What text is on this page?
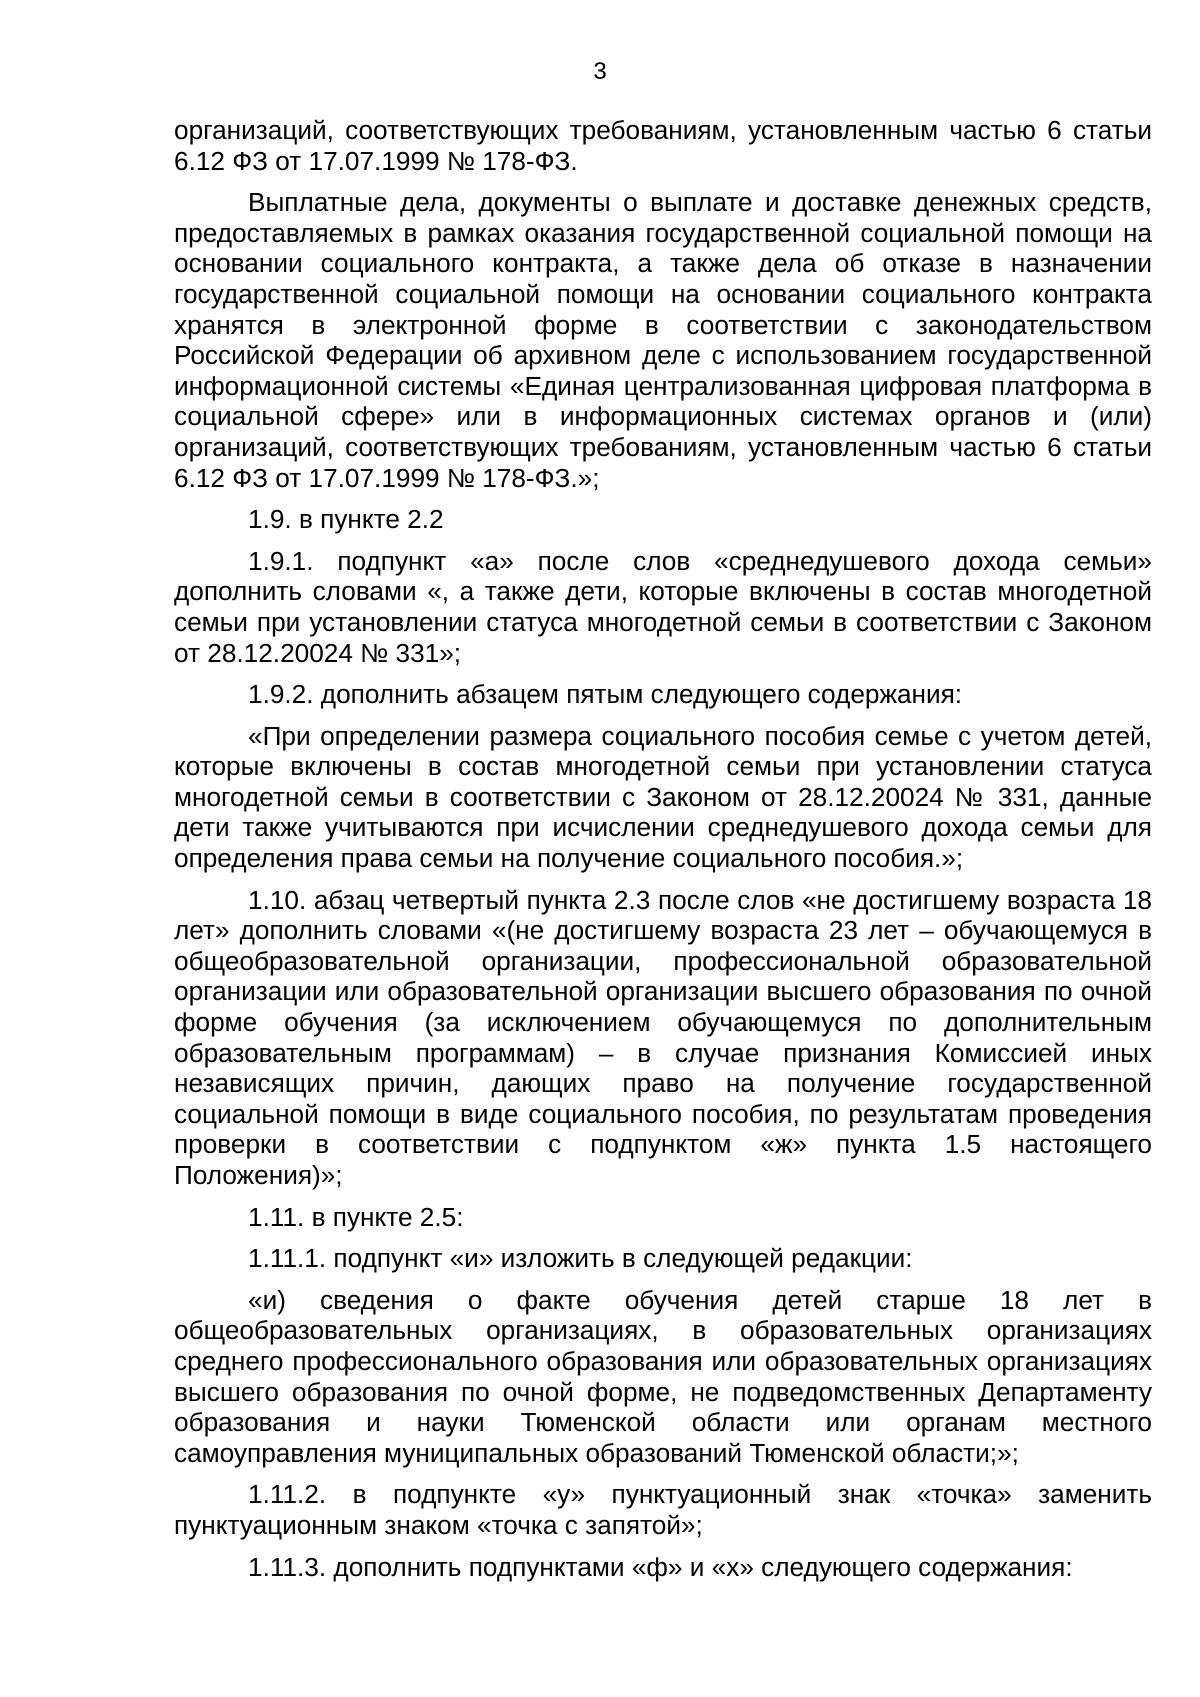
3

организаций, соответствующих требованиям, установленным частью 6 статьи 6.12 ФЗ от 17.07.1999 № 178-ФЗ.

Выплатные дела, документы о выплате и доставке денежных средств, предоставляемых в рамках оказания государственной социальной помощи на основании социального контракта, а также дела об отказе в назначении государственной социальной помощи на основании социального контракта хранятся в электронной форме в соответствии с законодательством Российской Федерации об архивном деле с использованием государственной информационной системы «Единая централизованная цифровая платформа в социальной сфере» или в информационных системах органов и (или) организаций, соответствующих требованиям, установленным частью 6 статьи 6.12 ФЗ от 17.07.1999 № 178-ФЗ.»;

1.9. в пункте 2.2

1.9.1. подпункт «а» после слов «среднедушевого дохода семьи» дополнить словами «, а также дети, которые включены в состав многодетной семьи при установлении статуса многодетной семьи в соответствии с Законом от 28.12.20024 № 331»;

1.9.2. дополнить абзацем пятым следующего содержания:

«При определении размера социального пособия семье с учетом детей, которые включены в состав многодетной семьи при установлении статуса многодетной семьи в соответствии с Законом от 28.12.20024 № 331, данные дети также учитываются при исчислении среднедушевого дохода семьи для определения права семьи на получение социального пособия.»;

1.10. абзац четвертый пункта 2.3 после слов «не достигшему возраста 18 лет» дополнить словами «(не достигшему возраста 23 лет – обучающемуся в общеобразовательной организации, профессиональной образовательной организации или образовательной организации высшего образования по очной форме обучения (за исключением обучающемуся по дополнительным образовательным программам) – в случае признания Комиссией иных независящих причин, дающих право на получение государственной социальной помощи в виде социального пособия, по результатам проведения проверки в соответствии с подпунктом «ж» пункта 1.5 настоящего Положения)»;

1.11. в пункте 2.5:

1.11.1. подпункт «и» изложить в следующей редакции:

«и) сведения о факте обучения детей старше 18 лет в общеобразовательных организациях, в образовательных организациях среднего профессионального образования или образовательных организациях высшего образования по очной форме, не подведомственных Департаменту образования и науки Тюменской области или органам местного самоуправления муниципальных образований Тюменской области;»;

1.11.2. в подпункте «у» пунктуационный знак «точка» заменить пунктуационным знаком «точка с запятой»;

1.11.3. дополнить подпунктами «ф» и «х» следующего содержания:
